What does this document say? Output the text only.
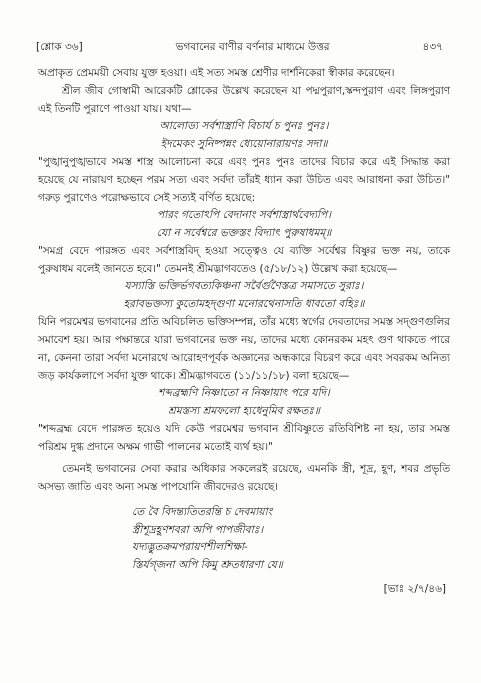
[শ্লোক ৩৬]	ভগবানের বাণীর বর্ণনার মাধ্যমে উত্তর	৪৩৭

অপ্রাকৃত প্রেমময়ী সেবায় যুক্ত হওয়া। এই সত্য সমস্ত শ্রেণীর দার্শনিকেরা স্বীকার করেছেন।

শ্রীল জীব গোস্বামী আরেকটি শ্লোকের উল্লেখ করেছেন যা পদ্মপুরাণ,স্কন্দপুরাণ এবং লিঙ্গপুরাণ এই তিনটি পুরাণে পাওয়া যায়। যথা—

আলোড্য সর্বশাস্ত্রাণি বিচার্য চ পুনঃ পুনঃ।

ইদমেকং সুনিষ্পন্নং ধ্যেয়োনারায়ণঃ সদা॥

"পুঙ্খানুপুঙ্খভাবে সমস্ত শাস্ত্র আলোচনা করে এবং পুনঃ পুনঃ তাদের বিচার করে এই সিদ্ধান্ত করা হয়েছে যে নারায়ণ হচ্ছেন পরম সত্য এবং সর্বদা তাঁরই ধ্যান করা উচিত এবং আরাধনা করা উচিত।" গরুড় পুরাণেও পরোক্ষভাবে সেই সত্যই বর্ণিত হয়েছে:

পারং গতোঽপি বেদানাং সর্বশাস্ত্রার্থবেদ্যপি।

যো ন সর্বেশ্বরে ভক্তস্তং বিদ্যাৎ পুরুষাধমম্॥

"সমগ্র বেদে পারঙ্গত এবং সর্বশাস্ত্রবিদ্ হওয়া সত্ত্বেও যে ব্যক্তি সর্বেশ্বর বিষ্ণুর ভক্ত নয়, তাকে পুরুষাধম বলেই জানতে হবে।" তেমনই শ্রীমদ্ভাগবতেও (৫/১৮/১২) উল্লেখ করা হয়েছে—

যস্যাস্তি ভক্তির্ভগবত্যকিঞ্চনা সর্বৈর্গুণৈস্তত্র সমাসতে সুরাঃ।

হরাবভক্তস্য কুতোমহদ্গুণা মনোরথেনাসতি ধাবতো বহিঃ॥

যিনি পরমেশ্বর ভগবানের প্রতি অবিচলিত ভক্তিসম্পন্ন, তাঁর মধ্যে স্বর্গের দেবতাদের সমস্ত সদ্গুণগুলির সমাবেশ হয়। আর পক্ষান্তরে যারা ভগবানের ভক্ত নয়, তাদের মধ্যে কোনরকম মহৎ গুণ থাকতে পারে না, কেননা তারা সর্বদা মনোরথে আরোহণপূর্বক অজ্ঞানের অন্ধকারে বিচরণ করে এবং সবরকম অনিত্য জড় কার্যকলাপে সর্বদা যুক্ত থাকে। শ্রীমদ্ভাগবতে (১১/১১/১৮) বলা হয়েছে—

শব্দব্রহ্মণি নিষ্ণাতো ন নিষ্ণায়াৎ পরে যদি।

শ্রমস্তস্য শ্রমফলো হ্যধেনুমিব রক্ষতঃ॥

"শব্দব্রহ্ম বেদে পারঙ্গত হয়েও যদি কেউ পরমেশ্বর ভগবান শ্রীবিষ্ণুতে রতিবিশিষ্ট না হয়, তার সমস্ত পরিশ্রম দুগ্ধ প্রদানে অক্ষম গাভী পালনের মতোই ব্যর্থ হয়।"

তেমনই ভগবানের সেবা করার অধিকার সকলেরই রয়েছে, এমনকি স্ত্রী, শূদ্র, হূণ, শবর প্রভৃতি অসভ্য জাতি এবং অন্য সমস্ত পাপযোনি জীবদেরও রয়েছে।

তে বৈ বিদন্ত্যতিতরন্তি চ দেবমায়াং

স্ত্রীশূদ্রহূণশবরা অপি পাপজীবাঃ।

যদ্যদ্ভুতক্রমপরায়ণশীলশিক্ষা-

স্তির্যগ্জনা অপি কিমু শ্রুতধারণা যে॥

[ভাঃ ২/৭/৪৬]
